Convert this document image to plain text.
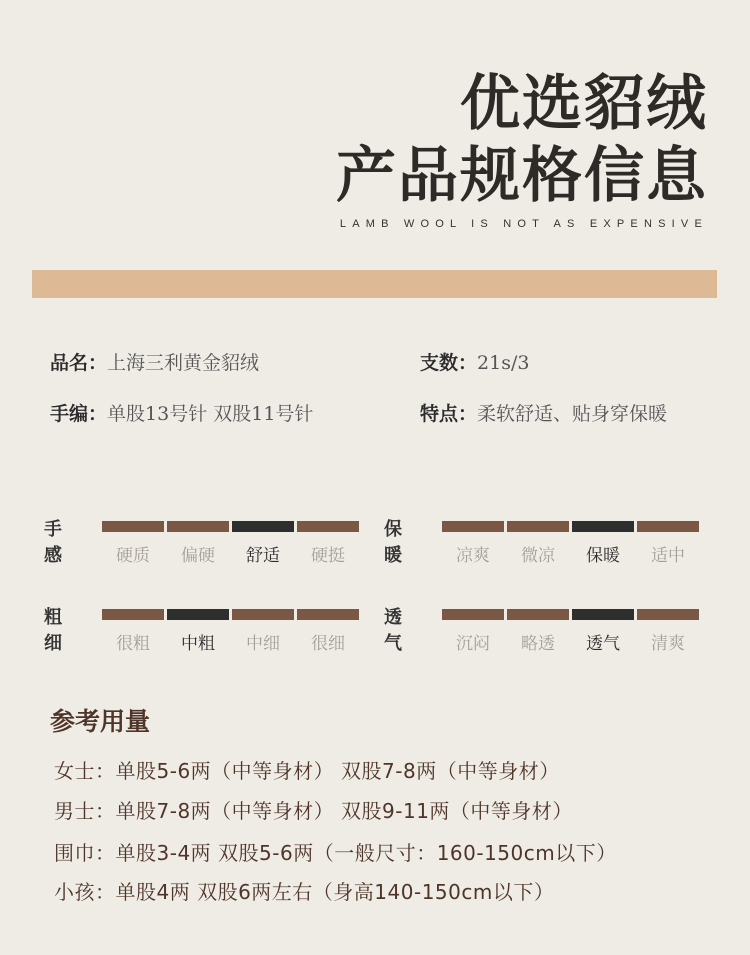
优选貂绒
产品规格信息
LAMB WOOL IS NOT AS EXPENSIVE
品名：上海三利黄金貂绒	支数：21s/3
手编：单股13号针 双股11号针	特点：柔软舒适、贴身穿保暖
手感	硬质	偏硬	舒适	硬挺
保暖	凉爽	微凉	保暖	适中
粗细	很粗	中粗	中细	很细
透气	沉闷	略透	透气	清爽
参考用量
女士：单股5-6两（中等身材） 双股7-8两（中等身材）
男士：单股7-8两（中等身材） 双股9-11两（中等身材）
围巾：单股3-4两 双股5-6两（一般尺寸：160-150cm以下）
小孩：单股4两 双股6两左右（身高140-150cm以下）
